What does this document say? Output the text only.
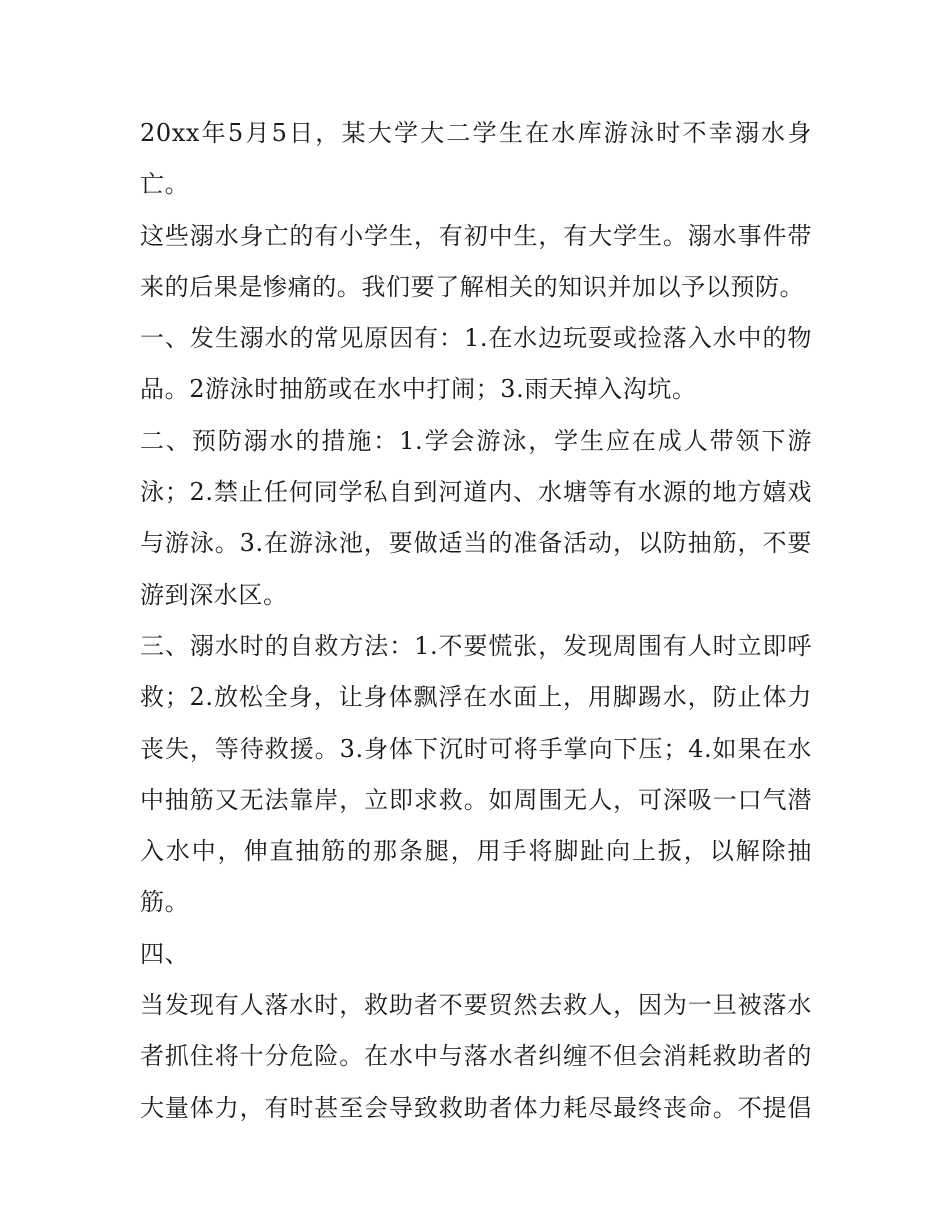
20xx年5月5日，某大学大二学生在水库游泳时不幸溺水身
亡。

这些溺水身亡的有小学生，有初中生，有大学生。溺水事件带
来的后果是惨痛的。我们要了解相关的知识并加以予以预防。

一、发生溺水的常见原因有：1.在水边玩耍或捡落入水中的物
品。2游泳时抽筋或在水中打闹；3.雨天掉入沟坑。

二、预防溺水的措施：1.学会游泳，学生应在成人带领下游
泳；2.禁止任何同学私自到河道内、水塘等有水源的地方嬉戏
与游泳。3.在游泳池，要做适当的准备活动，以防抽筋，不要
游到深水区。

三、溺水时的自救方法：1.不要慌张，发现周围有人时立即呼
救；2.放松全身，让身体飘浮在水面上，用脚踢水，防止体力
丧失，等待救援。3.身体下沉时可将手掌向下压；4.如果在水
中抽筋又无法靠岸，立即求救。如周围无人，可深吸一口气潜
入水中，伸直抽筋的那条腿，用手将脚趾向上扳，以解除抽
筋。

四、

当发现有人落水时，救助者不要贸然去救人，因为一旦被落水
者抓住将十分危险。在水中与落水者纠缠不但会消耗救助者的
大量体力，有时甚至会导致救助者体力耗尽最终丧命。不提倡
